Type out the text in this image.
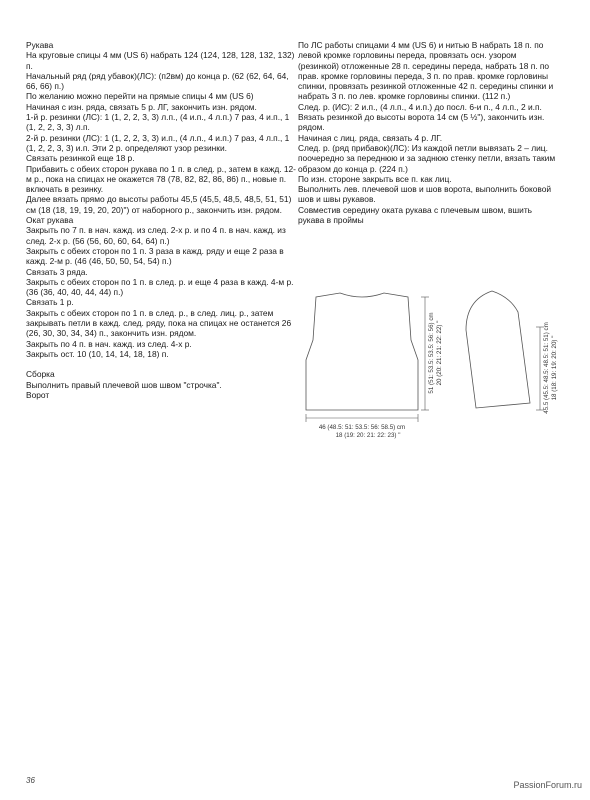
Рукава

На круговые спицы 4 мм (US 6) набрать 124 (124, 128, 128, 132, 132) п.

Начальный ряд (ряд убавок)(ЛС): (п2вм) до конца р. (62 (62, 64, 64, 66, 66) п.)

По желанию можно перейти на прямые спицы 4 мм (US 6)

Начиная с изн. ряда, связать 5 р. ЛГ, закончить изн. рядом.

1-й р. резинки (ЛС): 1 (1, 2, 2, 3, 3) л.п., (4 и.п., 4 л.п.) 7 раз, 4 и.п., 1 (1, 2, 2, 3, 3) л.п.

2-й р. резинки (ЛС): 1 (1, 2, 2, 3, 3) и.п., (4 л.п., 4 и.п.) 7 раз, 4 л.п., 1 (1, 2, 2, 3, 3) и.п. Эти 2 р. определяют узор резинки.

Связать резинкой еще 18 р.

Прибавить с обеих сторон рукава по 1 п. в след. р., затем в кажд. 12-м р., пока на спицах не окажется 78 (78, 82, 82, 86, 86) п., новые п. включать в резинку.

Далее вязать прямо до высоты работы 45,5 (45,5, 48,5, 48,5, 51, 51) см (18 (18, 19, 19, 20, 20)") от наборного р., закончить изн. рядом.

Окат рукава

Закрыть по 7 п. в нач. кажд. из след. 2-х р. и по 4 п. в нач. кажд. из след. 2-х р. (56 (56, 60, 60, 64, 64) п.)

Закрыть с обеих сторон по 1 п. 3 раза в кажд. ряду и еще 2 раза в кажд. 2-м р. (46 (46, 50, 50, 54, 54) п.)

Связать 3 ряда.

Закрыть с обеих сторон по 1 п. в след. р. и еще 4 раза в кажд. 4-м р. (36 (36, 40, 40, 44, 44) п.)

Связать 1 р.

Закрыть с обеих сторон по 1 п. в след. р., в след. лиц. р., затем закрывать петли в кажд. след. ряду, пока на спицах не останется 26 (26, 30, 30, 34, 34) п., закончить изн. рядом.

Закрыть по 4 п. в нач. кажд. из след. 4-х р.

Закрыть ост. 10 (10, 14, 14, 18, 18) п.

Сборка

Выполнить правый плечевой шов швом "строчка".

Ворот

По ЛС работы спицами 4 мм (US 6) и нитью В набрать 18 п. по левой кромке горловины переда, провязать осн. узором (резинкой) отложенные 28 п. середины переда, набрать 18 п. по прав. кромке горловины переда, 3 п. по прав. кромке горловины спинки, провязать резинкой отложенные 42 п. середины спинки и набрать 3 п. по лев. кромке горловины спинки. (112 п.)

След. р. (ИС): 2 и.п., (4 л.п., 4 и.п.) до посл. 6-и п., 4 л.п., 2 и.п.

Вязать резинкой до высоты ворота 14 см (5 ½"), закончить изн. рядом.

Начиная с лиц. ряда, связать 4 р. ЛГ.

След. р. (ряд прибавок)(ЛС): Из каждой петли вывязать 2 – лиц. поочередно за переднюю и за заднюю стенку петли, вязать таким образом до конца р. (224 п.)

По изн. стороне закрыть все п. как лиц.

Выполнить лев. плечевой шов и шов ворота, выполнить боковой шов и швы рукавов.

Совместив середину оката рукава с плечевым швом, вшить рукава в проймы

46 (48.5: 51: 53.5: 56: 58.5) cm
18 (19: 20: 21: 22: 23) "
51 (51: 53.5: 53.5: 56: 56) cm 20 (20: 21: 21: 22: 22) "	45.5 (45.5: 48.5: 48.5: 51: 51) cm 18 (18: 19: 19: 20: 20) "
36	PassionForum.ru
